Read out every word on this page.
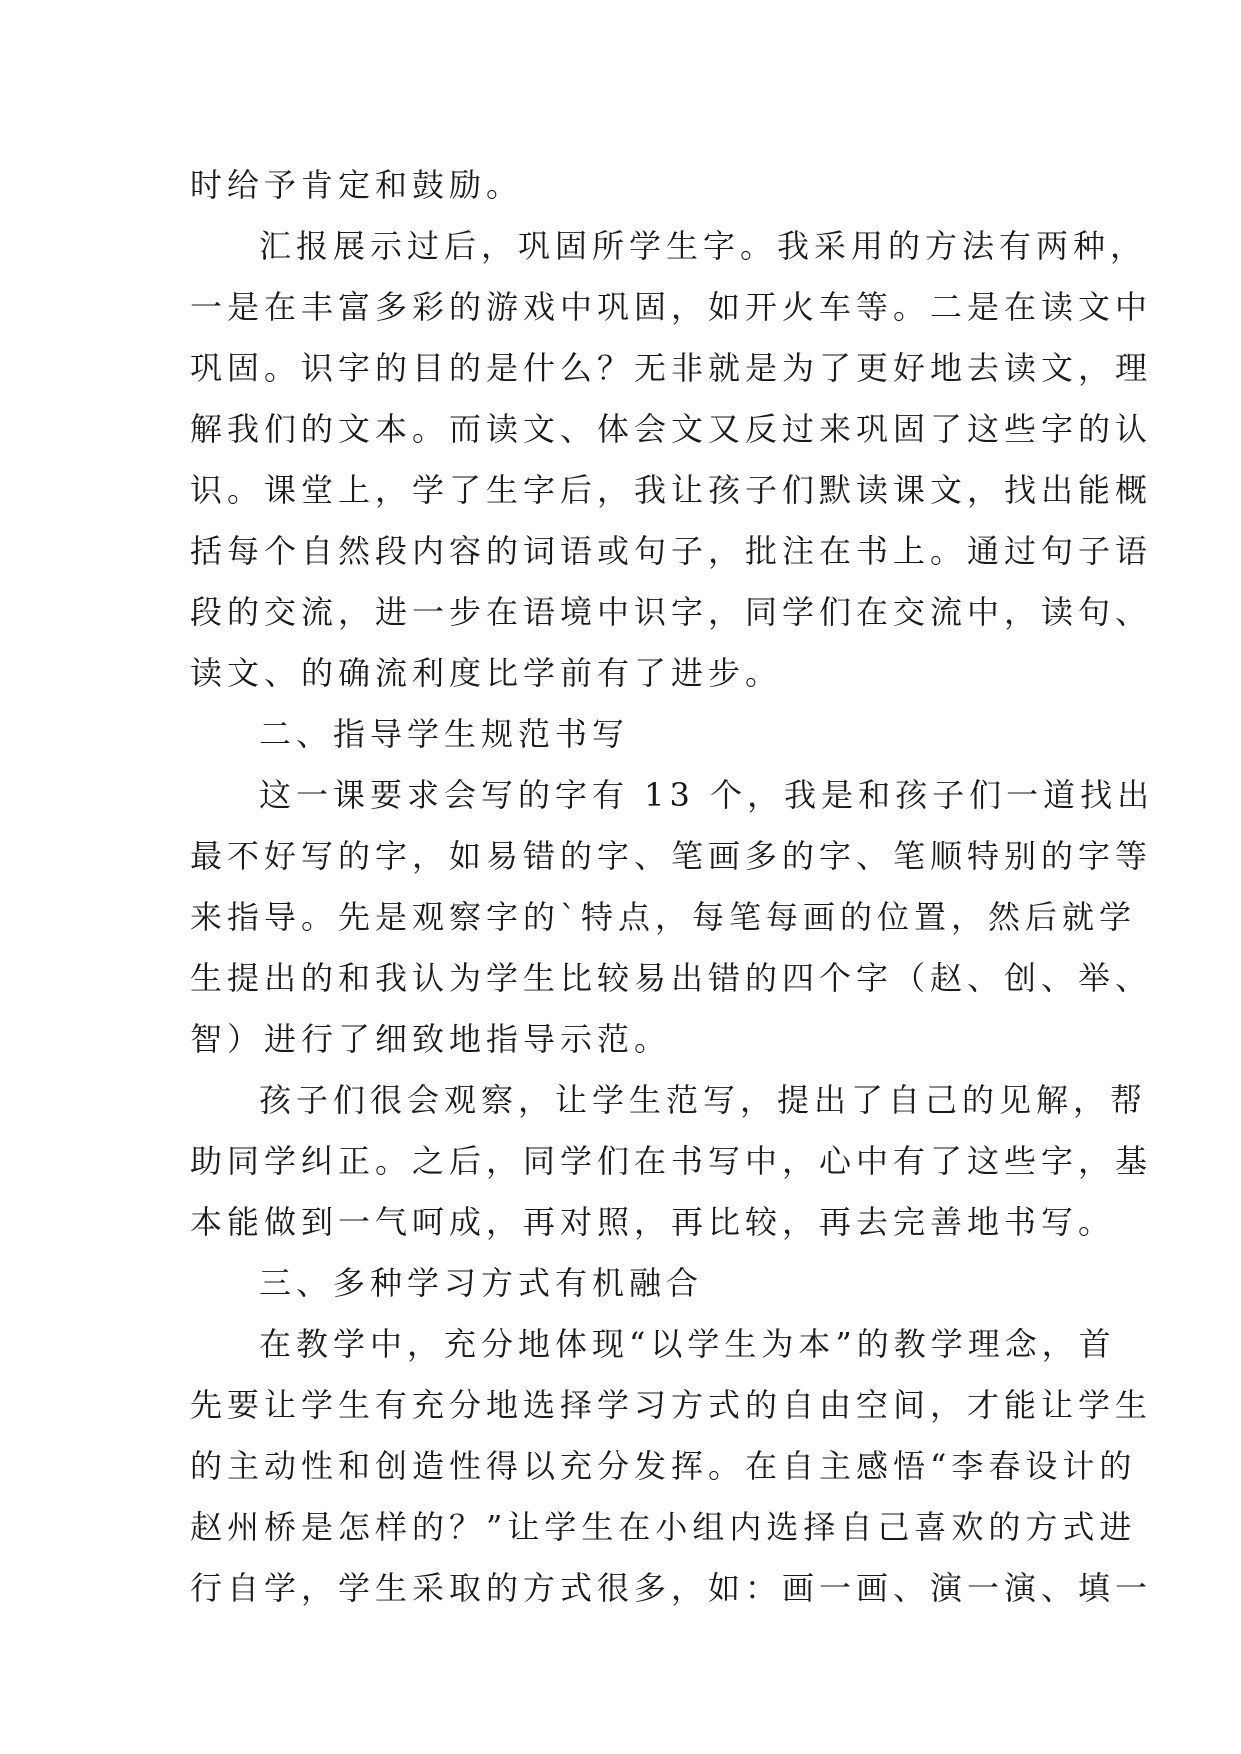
时给予肯定和鼓励。

汇报展示过后，巩固所学生字。我采用的方法有两种，

一是在丰富多彩的游戏中巩固，如开火车等。二是在读文中

巩固。识字的目的是什么？无非就是为了更好地去读文，理

解我们的文本。而读文、体会文又反过来巩固了这些字的认

识。课堂上，学了生字后，我让孩子们默读课文，找出能概

括每个自然段内容的词语或句子，批注在书上。通过句子语

段的交流，进一步在语境中识字，同学们在交流中，读句、

读文、的确流利度比学前有了进步。

二、指导学生规范书写

这一课要求会写的字有 13 个，我是和孩子们一道找出

最不好写的字，如易错的字、笔画多的字、笔顺特别的字等

来指导。先是观察字的`特点，每笔每画的位置，然后就学

生提出的和我认为学生比较易出错的四个字（赵、创、举、

智）进行了细致地指导示范。

孩子们很会观察，让学生范写，提出了自己的见解，帮

助同学纠正。之后，同学们在书写中，心中有了这些字，基

本能做到一气呵成，再对照，再比较，再去完善地书写。

三、多种学习方式有机融合

在教学中，充分地体现“以学生为本”的教学理念，首

先要让学生有充分地选择学习方式的自由空间，才能让学生

的主动性和创造性得以充分发挥。在自主感悟“李春设计的

赵州桥是怎样的？”让学生在小组内选择自己喜欢的方式进

行自学，学生采取的方式很多，如：画一画、演一演、填一
